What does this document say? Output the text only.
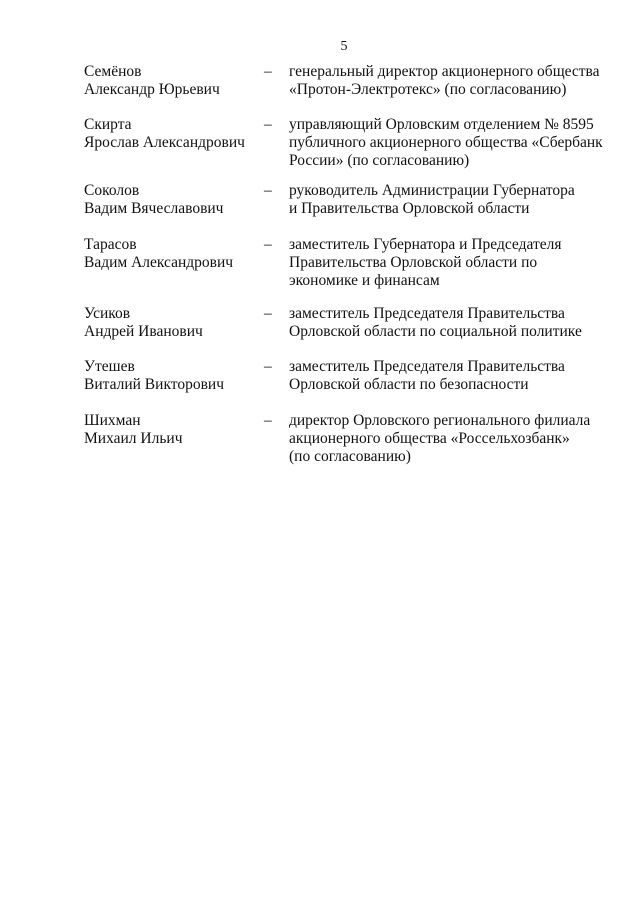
5
Семёнов
Александр Юрьевич
– генеральный директор акционерного общества
«Протон-Электротекс» (по согласованию)
Скирта
Ярослав Александрович
– управляющий Орловским отделением № 8595
публичного акционерного общества «Сбербанк
России» (по согласованию)
Соколов
Вадим Вячеславович
– руководитель Администрации Губернатора
и Правительства Орловской области
Тарасов
Вадим Александрович
– заместитель Губернатора и Председателя
Правительства Орловской области по
экономике и финансам
Усиков
Андрей Иванович
– заместитель Председателя Правительства
Орловской области по социальной политике
Утешев
Виталий Викторович
– заместитель Председателя Правительства
Орловской области по безопасности
Шихман
Михаил Ильич
– директор Орловского регионального филиала
акционерного общества «Россельхозбанк»
(по согласованию)
